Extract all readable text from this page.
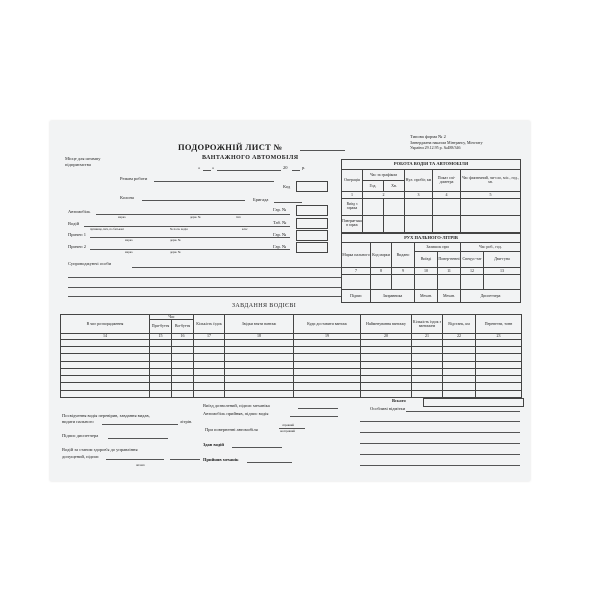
Місце для штампу
підприємства
ПОДОРОЖНІЙ ЛИСТ №
ВАНТАЖНОГО АВТОМОБІЛЯ
Типова форма № 2
Затверджена наказом Мінтрансу, Мінстату
України 29.12.95 р. №488/346
«	»	20	р.
Режим роботи
Код
Колона	Бригада
Автомобіль
марка	держ. №	тип
Гар. №
Водій
прізвище, ім'я, по батькові	№ посв. водія	клас
Таб. №
Причеп 1
марка	держ. №
Гар. №
Причеп 2
марка	держ. №
Гар. №
Супроводжуючі особи
РОБОТА ВОДІЯ ТА АВТОМОБІЛЯ					
Операція	Час за графіком		Нул. пробіг, км	Показ спі-дометра	Час фактичний, чи-сло, міс., год., хв.
	Год.	Хв.			
1	2		3	4	5
Виїзд з гаража					
Поверне-ння в гараж					
РУХ ПАЛЬНОГО-ЛІТРІВ						
Марка пального	Код марки	Видано	Залишок при		Час роб., год.	
			Виїзді	Повер-ненні	Спецус-тат	Дви-гуна
7	8	9	10	11	12	13

Підпис	Заправника		Механ.	Механ.	Диспетчера	
ЗАВДАННЯ ВОДІЄВІ
В чиє розпорядження	Час		Кількість їздок	Звідки взяти вантаж	Куди доставити вантаж	Найменування вантажу	Кількість їздок з вантажем	Відстань, км	Перевезти, тонн
	При-буття	Ви-буття							
14	15	16	17	18	19	20	21	22	23

Всього
Посвідчення водія перевірив, завдання видав,
видати пального	літрів.
Підпис диспетчера
Водій за станом здоров'я до управління
допущений, підпис
штамп
Виїзд дозволений, підпис механіка
Автомобіль прийняв, підпис водія
При поверненні автомобіля
справний
несправний
Здав водій
Прийняв механік
Особливі відмітки
